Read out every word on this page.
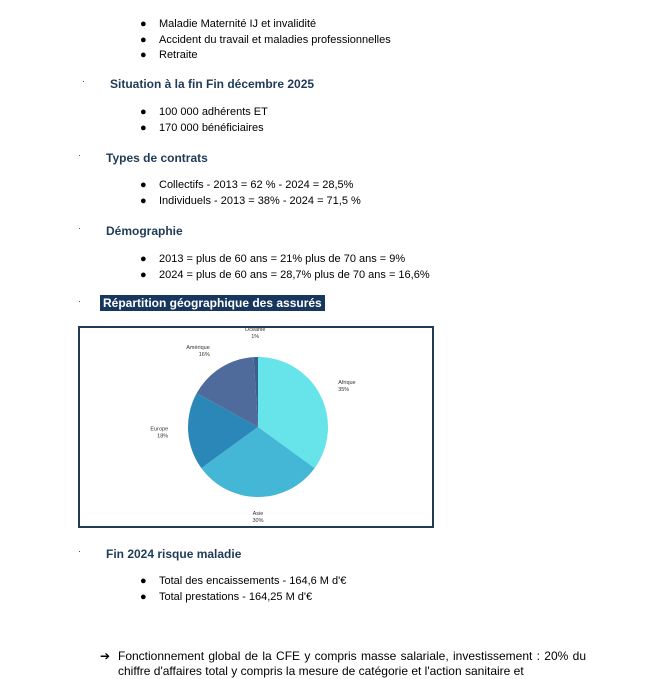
● Maladie Maternité IJ et invalidité
● Accident du travail et maladies professionnelles
● Retraite
· Situation à la fin Fin décembre 2025
● 100 000 adhérents ET
● 170 000 bénéficiaires
· Types de contrats
● Collectifs - 2013 = 62 % - 2024 = 28,5%
● Individuels - 2013 = 38% - 2024 = 71,5 %
· Démographie
● 2013 = plus de 60 ans = 21% plus de 70 ans = 9%
● 2024 = plus de 60 ans = 28,7% plus de 70 ans = 16,6%
· Répartition géographique des assurés
Afrique
35%
Asie
30%
Europe
18%
Amérique
16%
Océanie
1%
· Fin 2024 risque maladie
● Total des encaissements - 164,6 M d'€
● Total prestations - 164,25 M d'€
➔ Fonctionnement global de la CFE y compris masse salariale, investissement : 20% du chiffre d'affaires total y compris la mesure de catégorie et l'action sanitaire et
